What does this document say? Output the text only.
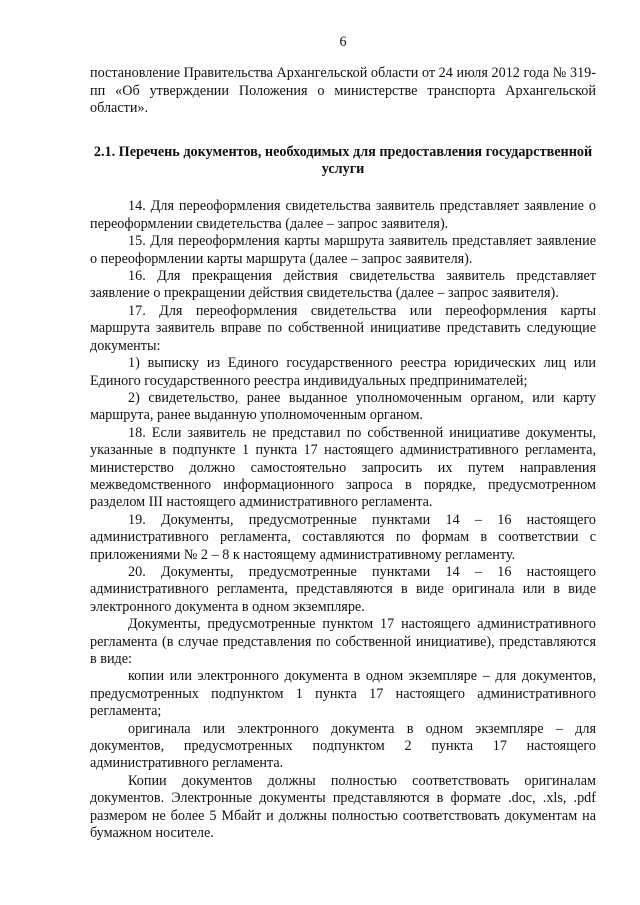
6

постановление Правительства Архангельской области от 24 июля 2012 года № 319-пп «Об утверждении Положения о министерстве транспорта Архангельской области».

2.1. Перечень документов, необходимых для предоставления государственной услуги

14. Для переоформления свидетельства заявитель представляет заявление о переоформлении свидетельства (далее – запрос заявителя).

15. Для переоформления карты маршрута заявитель представляет заявление о переоформлении карты маршрута (далее – запрос заявителя).

16. Для прекращения действия свидетельства заявитель представляет заявление о прекращении действия свидетельства (далее – запрос заявителя).

17. Для переоформления свидетельства или переоформления карты маршрута заявитель вправе по собственной инициативе представить следующие документы:

1) выписку из Единого государственного реестра юридических лиц или Единого государственного реестра индивидуальных предпринимателей;

2) свидетельство, ранее выданное уполномоченным органом, или карту маршрута, ранее выданную уполномоченным органом.

18. Если заявитель не представил по собственной инициативе документы, указанные в подпункте 1 пункта 17 настоящего административного регламента, министерство должно самостоятельно запросить их путем направления межведомственного информационного запроса в порядке, предусмотренном разделом III настоящего административного регламента.

19. Документы, предусмотренные пунктами 14 – 16 настоящего административного регламента, составляются по формам в соответствии с приложениями № 2 – 8 к настоящему административному регламенту.

20. Документы, предусмотренные пунктами 14 – 16 настоящего административного регламента, представляются в виде оригинала или в виде электронного документа в одном экземпляре.

Документы, предусмотренные пунктом 17 настоящего административного регламента (в случае представления по собственной инициативе), представляются в виде:

копии или электронного документа в одном экземпляре – для документов, предусмотренных подпунктом 1 пункта 17 настоящего административного регламента;

оригинала или электронного документа в одном экземпляре – для документов, предусмотренных подпунктом 2 пункта 17 настоящего административного регламента.

Копии документов должны полностью соответствовать оригиналам документов. Электронные документы представляются в формате .doc, .xls, .pdf размером не более 5 Мбайт и должны полностью соответствовать документам на бумажном носителе.
